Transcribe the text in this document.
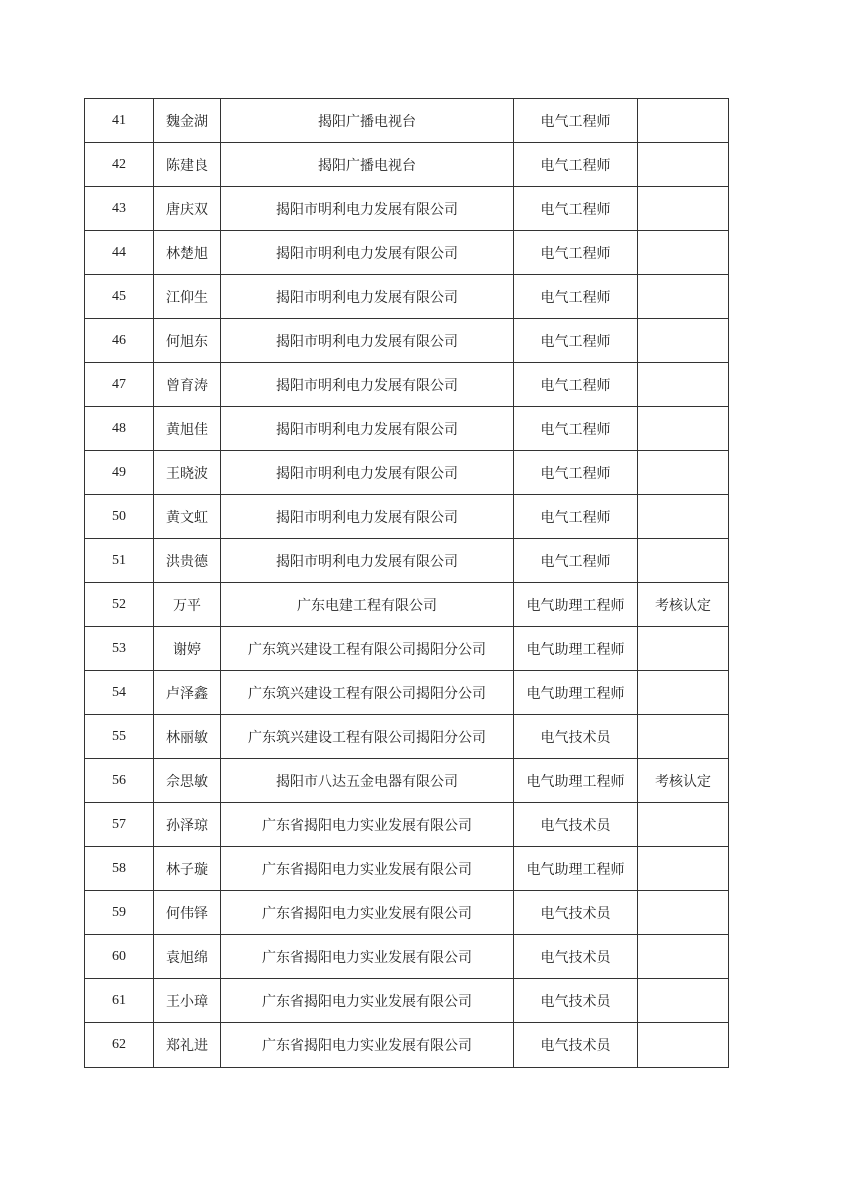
41	魏金湖	揭阳广播电视台	电气工程师	
42	陈建良	揭阳广播电视台	电气工程师	
43	唐庆双	揭阳市明利电力发展有限公司	电气工程师	
44	林楚旭	揭阳市明利电力发展有限公司	电气工程师	
45	江仰生	揭阳市明利电力发展有限公司	电气工程师	
46	何旭东	揭阳市明利电力发展有限公司	电气工程师	
47	曾育涛	揭阳市明利电力发展有限公司	电气工程师	
48	黄旭佳	揭阳市明利电力发展有限公司	电气工程师	
49	王晓波	揭阳市明利电力发展有限公司	电气工程师	
50	黄文虹	揭阳市明利电力发展有限公司	电气工程师	
51	洪贵德	揭阳市明利电力发展有限公司	电气工程师	
52	万平	广东电建工程有限公司	电气助理工程师	考核认定
53	谢婷	广东筑兴建设工程有限公司揭阳分公司	电气助理工程师	
54	卢泽鑫	广东筑兴建设工程有限公司揭阳分公司	电气助理工程师	
55	林丽敏	广东筑兴建设工程有限公司揭阳分公司	电气技术员	
56	佘思敏	揭阳市八达五金电器有限公司	电气助理工程师	考核认定
57	孙泽琼	广东省揭阳电力实业发展有限公司	电气技术员	
58	林子璇	广东省揭阳电力实业发展有限公司	电气助理工程师	
59	何伟铎	广东省揭阳电力实业发展有限公司	电气技术员	
60	袁旭绵	广东省揭阳电力实业发展有限公司	电气技术员	
61	王小璋	广东省揭阳电力实业发展有限公司	电气技术员	
62	郑礼进	广东省揭阳电力实业发展有限公司	电气技术员	
